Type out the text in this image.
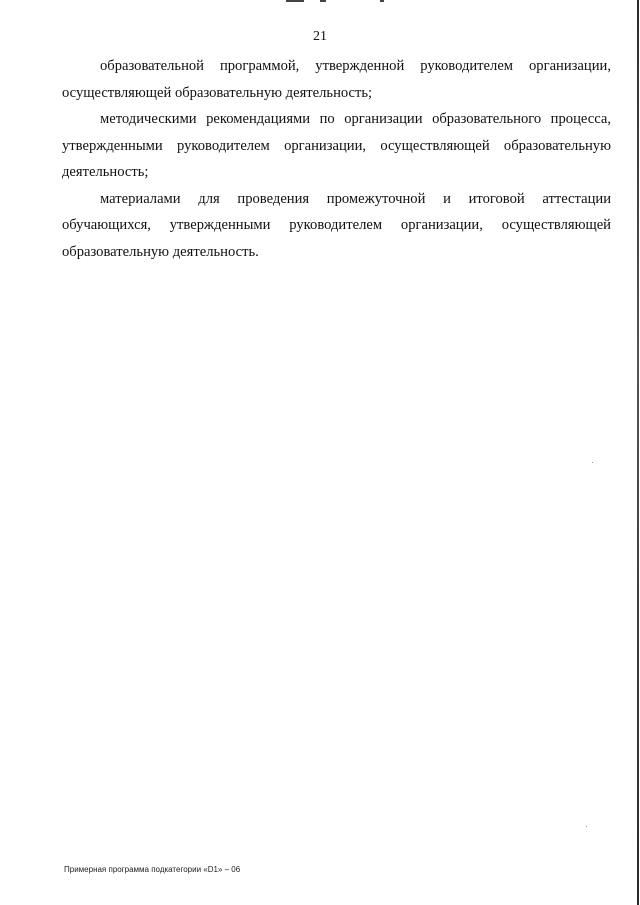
21

образовательной программой, утвержденной руководителем организации, осуществляющей образовательную деятельность;

методическими рекомендациями по организации образовательного процесса, утвержденными руководителем организации, осуществляющей образовательную деятельность;

материалами для проведения промежуточной и итоговой аттестации обучающихся, утвержденными руководителем организации, осуществляющей образовательную деятельность.

Примерная программа подкатегории «D1» – 06
